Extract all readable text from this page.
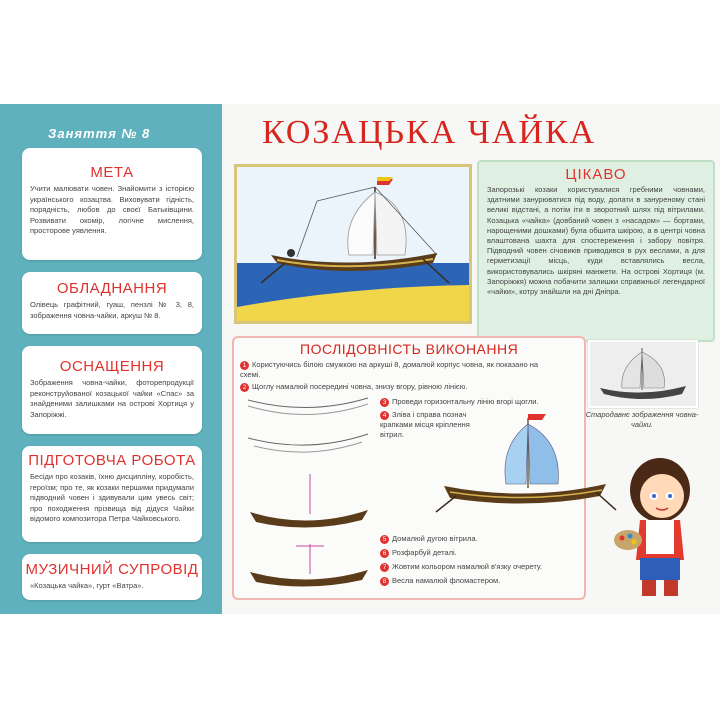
Заняття № 8
МЕТА

Учити малювати човен. Знайомити з історією українського козацтва. Виховувати гідність, порядність, любов до своєї Батьківщини. Розвивати окомір, логічне мислення, просторове уявлення.

ОБЛАДНАННЯ

Олівець графітний, гуаш, пензлі № 3, 8, зображення човна-чайки, аркуш № 8.

ОСНАЩЕННЯ

Зображення човна-чайки, фоторепродукції реконструйованої козацької чайки «Спас» за знайденими залишками на острові Хортиця у Запоріжжі.

ПІДГОТОВЧА РОБОТА

Бесіди про козаків, їхню дисципліну, коробість, героїзм; про те, як козаки першими придумали підводний човен і здивували цим увесь світ; про походження прізвища від дідуся Чайки відомого композитора Петра Чайковського.

МУЗИЧНИЙ СУПРОВІД

«Козацька чайка», гурт «Ватра».

КОЗАЦЬКА ЧАЙКА
ЦІКАВО

Запорозькі козаки користувалися гребними човнами, здатними занурюватися під воду, долати в зануреному стані великі відстані, а потім іти в зворотний шлях під вітрилами. Козацька «чайка» (довбаний човен з «насадом» — бортами, нарощеними дошками) була обшита шкірою, а в центрі човна влаштована шахта для спостереження і забору повітря. Підводний човен січовиків приводився в рух веслами, а для герметизації місць, куди вставлялись весла, використовувались шкіряні манжети. На острові Хортиця (м. Запоріжжя) можна побачити залишки справжньої легендарної «чайки», котру знайшли на дні Дніпра.

Стародавнє зображення човна-чайки.
ПОСЛІДОВНІСТЬ ВИКОНАННЯ
1 Користуючись білою смужкою на аркуші 8, домалюй корпус човна, як показано на схемі.
2 Щоглу намалюй посередині човна, знизу вгору, рівною лінією.
3 Проведи горизонтальну лінію вгорі щогли.
4 Зліва і справа познач крапками місця кріплення вітрил.
5 Домалюй дугою вітрила.
6 Розфарбуй деталі.
7 Жовтим кольором намалюй в'язку очерету.
8 Весла намалюй фломастером.
